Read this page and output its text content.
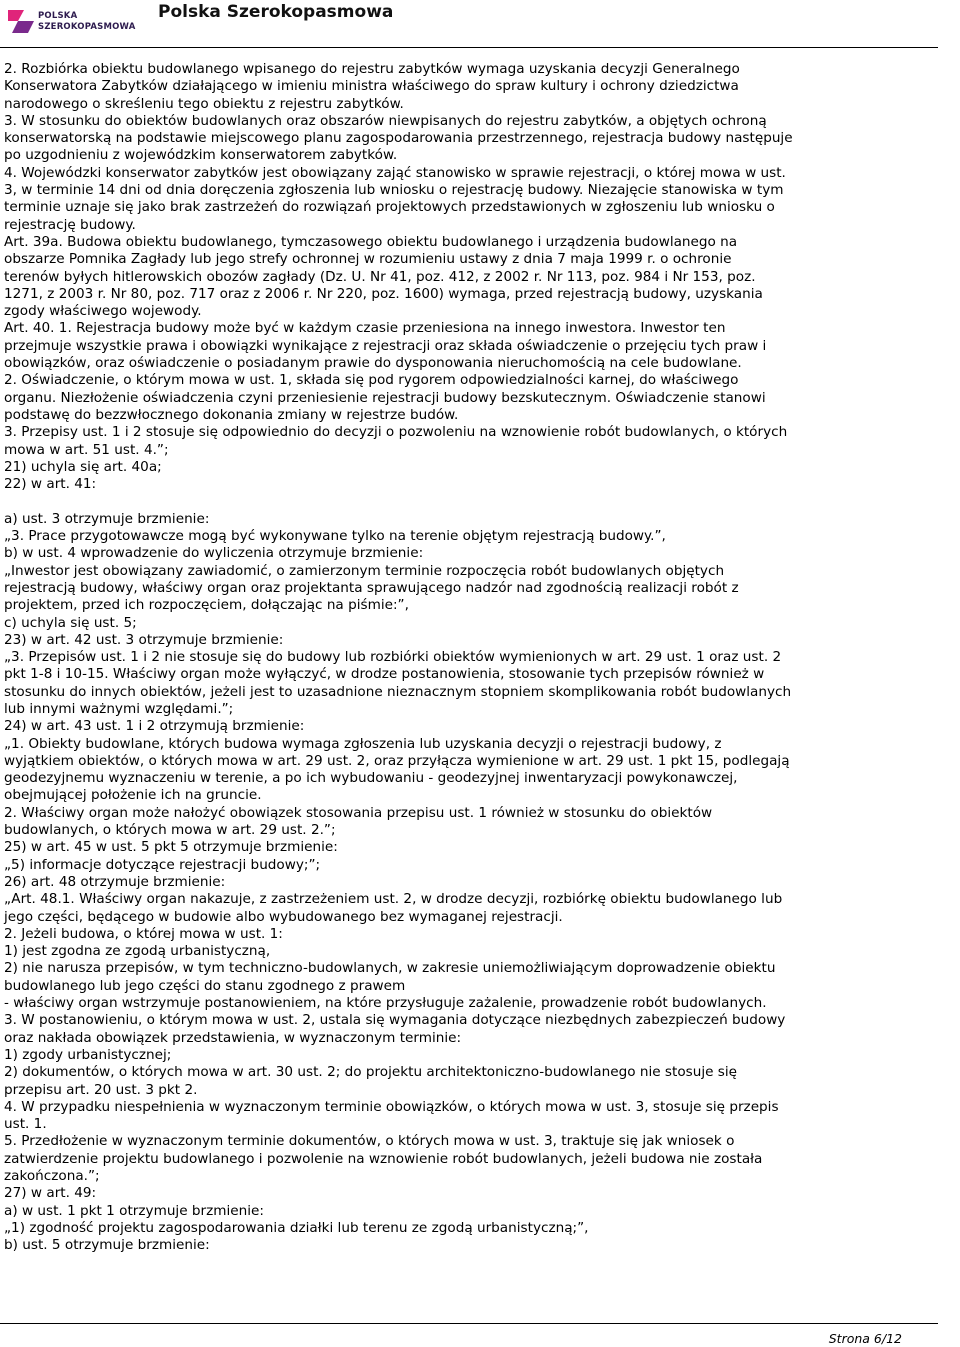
POLSKA
SZEROKOPASMOWA
Polska Szerokopasmowa

2. Rozbiórka obiektu budowlanego wpisanego do rejestru zabytków wymaga uzyskania decyzji Generalnego
Konserwatora Zabytków działającego w imieniu ministra właściwego do spraw kultury i ochrony dziedzictwa
narodowego o skreśleniu tego obiektu z rejestru zabytków.

3. W stosunku do obiektów budowlanych oraz obszarów niewpisanych do rejestru zabytków, a objętych ochroną
konserwatorską na podstawie miejscowego planu zagospodarowania przestrzennego, rejestracja budowy następuje
po uzgodnieniu z wojewódzkim konserwatorem zabytków.

4. Wojewódzki konserwator zabytków jest obowiązany zająć stanowisko w sprawie rejestracji, o której mowa w ust.
3, w terminie 14 dni od dnia doręczenia zgłoszenia lub wniosku o rejestrację budowy. Niezajęcie stanowiska w tym
terminie uznaje się jako brak zastrzeżeń do rozwiązań projektowych przedstawionych w zgłoszeniu lub wniosku o
rejestrację budowy.

Art. 39a. Budowa obiektu budowlanego, tymczasowego obiektu budowlanego i urządzenia budowlanego na
obszarze Pomnika Zagłady lub jego strefy ochronnej w rozumieniu ustawy z dnia 7 maja 1999 r. o ochronie
terenów byłych hitlerowskich obozów zagłady (Dz. U. Nr 41, poz. 412, z 2002 r. Nr 113, poz. 984 i Nr 153, poz.
1271, z 2003 r. Nr 80, poz. 717 oraz z 2006 r. Nr 220, poz. 1600) wymaga, przed rejestracją budowy, uzyskania
zgody właściwego wojewody.

Art. 40. 1. Rejestracja budowy może być w każdym czasie przeniesiona na innego inwestora. Inwestor ten
przejmuje wszystkie prawa i obowiązki wynikające z rejestracji oraz składa oświadczenie o przejęciu tych praw i
obowiązków, oraz oświadczenie o posiadanym prawie do dysponowania nieruchomością na cele budowlane.

2. Oświadczenie, o którym mowa w ust. 1, składa się pod rygorem odpowiedzialności karnej, do właściwego
organu. Niezłożenie oświadczenia czyni przeniesienie rejestracji budowy bezskutecznym. Oświadczenie stanowi
podstawę do bezzwłocznego dokonania zmiany w rejestrze budów.

3. Przepisy ust. 1 i 2 stosuje się odpowiednio do decyzji o pozwoleniu na wznowienie robót budowlanych, o których
mowa w art. 51 ust. 4.”;

21) uchyla się art. 40a;

22) w art. 41:

a) ust. 3 otrzymuje brzmienie:

„3. Prace przygotowawcze mogą być wykonywane tylko na terenie objętym rejestracją budowy.”,

b) w ust. 4 wprowadzenie do wyliczenia otrzymuje brzmienie:

„Inwestor jest obowiązany zawiadomić, o zamierzonym terminie rozpoczęcia robót budowlanych objętych
rejestracją budowy, właściwy organ oraz projektanta sprawującego nadzór nad zgodnością realizacji robót z
projektem, przed ich rozpoczęciem, dołączając na piśmie:”,

c) uchyla się ust. 5;

23) w art. 42 ust. 3 otrzymuje brzmienie:

„3. Przepisów ust. 1 i 2 nie stosuje się do budowy lub rozbiórki obiektów wymienionych w art. 29 ust. 1 oraz ust. 2
pkt 1-8 i 10-15. Właściwy organ może wyłączyć, w drodze postanowienia, stosowanie tych przepisów również w
stosunku do innych obiektów, jeżeli jest to uzasadnione nieznacznym stopniem skomplikowania robót budowlanych
lub innymi ważnymi względami.”;

24) w art. 43 ust. 1 i 2 otrzymują brzmienie:

„1. Obiekty budowlane, których budowa wymaga zgłoszenia lub uzyskania decyzji o rejestracji budowy, z
wyjątkiem obiektów, o których mowa w art. 29 ust. 2, oraz przyłącza wymienione w art. 29 ust. 1 pkt 15, podlegają
geodezyjnemu wyznaczeniu w terenie, a po ich wybudowaniu - geodezyjnej inwentaryzacji powykonawczej,
obejmującej położenie ich na gruncie.

2. Właściwy organ może nałożyć obowiązek stosowania przepisu ust. 1 również w stosunku do obiektów
budowlanych, o których mowa w art. 29 ust. 2.”;

25) w art. 45 w ust. 5 pkt 5 otrzymuje brzmienie:

„5) informacje dotyczące rejestracji budowy;”;

26) art. 48 otrzymuje brzmienie:

„Art. 48.1. Właściwy organ nakazuje, z zastrzeżeniem ust. 2, w drodze decyzji, rozbiórkę obiektu budowlanego lub
jego części, będącego w budowie albo wybudowanego bez wymaganej rejestracji.

2. Jeżeli budowa, o której mowa w ust. 1:

1) jest zgodna ze zgodą urbanistyczną,

2) nie narusza przepisów, w tym techniczno-budowlanych, w zakresie uniemożliwiającym doprowadzenie obiektu
budowlanego lub jego części do stanu zgodnego z prawem

- właściwy organ wstrzymuje postanowieniem, na które przysługuje zażalenie, prowadzenie robót budowlanych.

3. W postanowieniu, o którym mowa w ust. 2, ustala się wymagania dotyczące niezbędnych zabezpieczeń budowy
oraz nakłada obowiązek przedstawienia, w wyznaczonym terminie:

1) zgody urbanistycznej;

2) dokumentów, o których mowa w art. 30 ust. 2; do projektu architektoniczno-budowlanego nie stosuje się
przepisu art. 20 ust. 3 pkt 2.

4. W przypadku niespełnienia w wyznaczonym terminie obowiązków, o których mowa w ust. 3, stosuje się przepis
ust. 1.

5. Przedłożenie w wyznaczonym terminie dokumentów, o których mowa w ust. 3, traktuje się jak wniosek o
zatwierdzenie projektu budowlanego i pozwolenie na wznowienie robót budowlanych, jeżeli budowa nie została
zakończona.”;

27) w art. 49:

a) w ust. 1 pkt 1 otrzymuje brzmienie:

„1) zgodność projektu zagospodarowania działki lub terenu ze zgodą urbanistyczną;”,

b) ust. 5 otrzymuje brzmienie:

Strona 6/12
